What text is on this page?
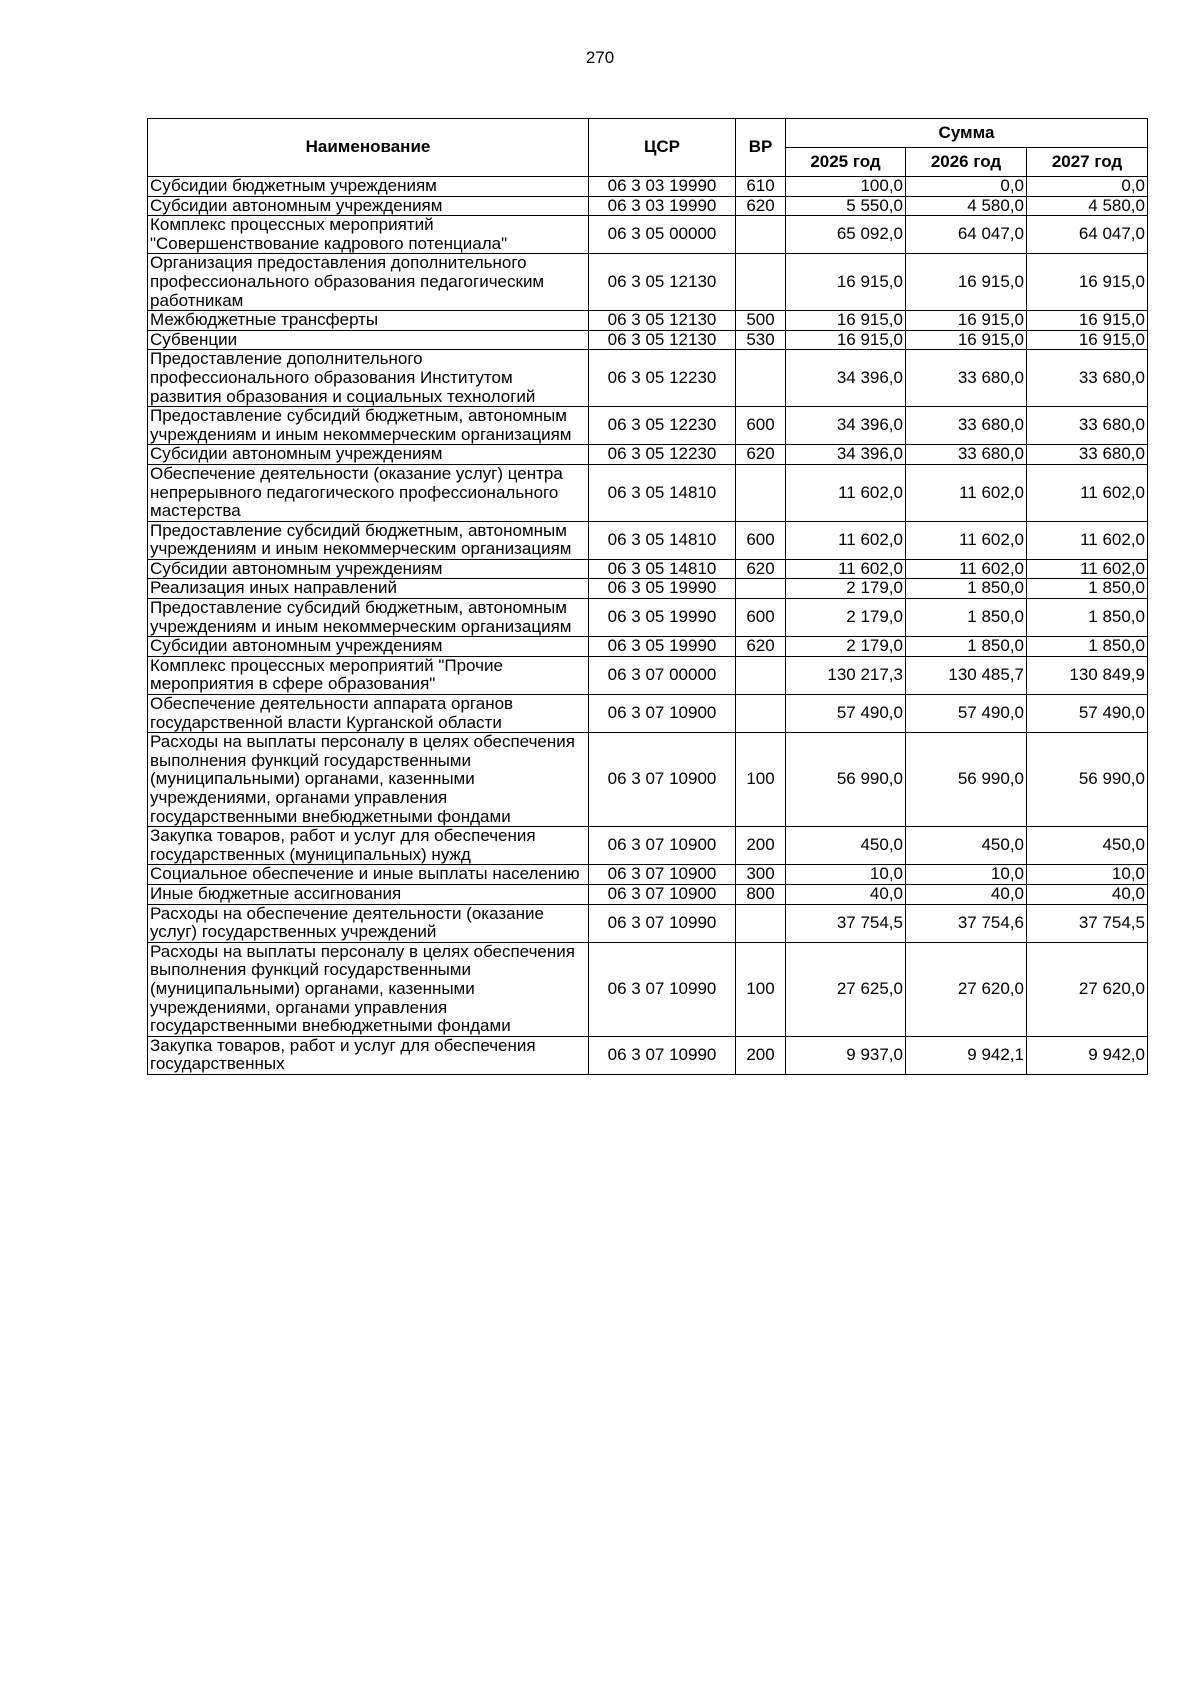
270
Наименование	ЦСР	ВР	Сумма		
			2025 год	2026 год	2027 год
Субсидии бюджетным учреждениям	06 3 03 19990	610	100,0	0,0	0,0
Субсидии автономным учреждениям	06 3 03 19990	620	5 550,0	4 580,0	4 580,0
Комплекс процессных мероприятий "Совершенствование кадрового потенциала"	06 3 05 00000		65 092,0	64 047,0	64 047,0
Организация предоставления дополнительного профессионального образования педагогическим работникам	06 3 05 12130		16 915,0	16 915,0	16 915,0
Межбюджетные трансферты	06 3 05 12130	500	16 915,0	16 915,0	16 915,0
Субвенции	06 3 05 12130	530	16 915,0	16 915,0	16 915,0
Предоставление дополнительного профессионального образования Институтом развития образования и социальных технологий	06 3 05 12230		34 396,0	33 680,0	33 680,0
Предоставление субсидий бюджетным, автономным учреждениям и иным некоммерческим организациям	06 3 05 12230	600	34 396,0	33 680,0	33 680,0
Субсидии автономным учреждениям	06 3 05 12230	620	34 396,0	33 680,0	33 680,0
Обеспечение деятельности (оказание услуг) центра непрерывного педагогического профессионального мастерства	06 3 05 14810		11 602,0	11 602,0	11 602,0
Предоставление субсидий бюджетным, автономным учреждениям и иным некоммерческим организациям	06 3 05 14810	600	11 602,0	11 602,0	11 602,0
Субсидии автономным учреждениям	06 3 05 14810	620	11 602,0	11 602,0	11 602,0
Реализация иных направлений	06 3 05 19990		2 179,0	1 850,0	1 850,0
Предоставление субсидий бюджетным, автономным учреждениям и иным некоммерческим организациям	06 3 05 19990	600	2 179,0	1 850,0	1 850,0
Субсидии автономным учреждениям	06 3 05 19990	620	2 179,0	1 850,0	1 850,0
Комплекс процессных мероприятий "Прочие мероприятия в сфере образования"	06 3 07 00000		130 217,3	130 485,7	130 849,9
Обеспечение деятельности аппарата органов государственной власти Курганской области	06 3 07 10900		57 490,0	57 490,0	57 490,0
Расходы на выплаты персоналу в целях обеспечения выполнения функций государственными (муниципальными) органами, казенными учреждениями, органами управления государственными внебюджетными фондами	06 3 07 10900	100	56 990,0	56 990,0	56 990,0
Закупка товаров, работ и услуг для обеспечения государственных (муниципальных) нужд	06 3 07 10900	200	450,0	450,0	450,0
Социальное обеспечение и иные выплаты населению	06 3 07 10900	300	10,0	10,0	10,0
Иные бюджетные ассигнования	06 3 07 10900	800	40,0	40,0	40,0
Расходы на обеспечение деятельности (оказание услуг) государственных учреждений	06 3 07 10990		37 754,5	37 754,6	37 754,5
Расходы на выплаты персоналу в целях обеспечения выполнения функций государственными (муниципальными) органами, казенными учреждениями, органами управления государственными внебюджетными фондами	06 3 07 10990	100	27 625,0	27 620,0	27 620,0
Закупка товаров, работ и услуг для обеспечения государственных	06 3 07 10990	200	9 937,0	9 942,1	9 942,0
